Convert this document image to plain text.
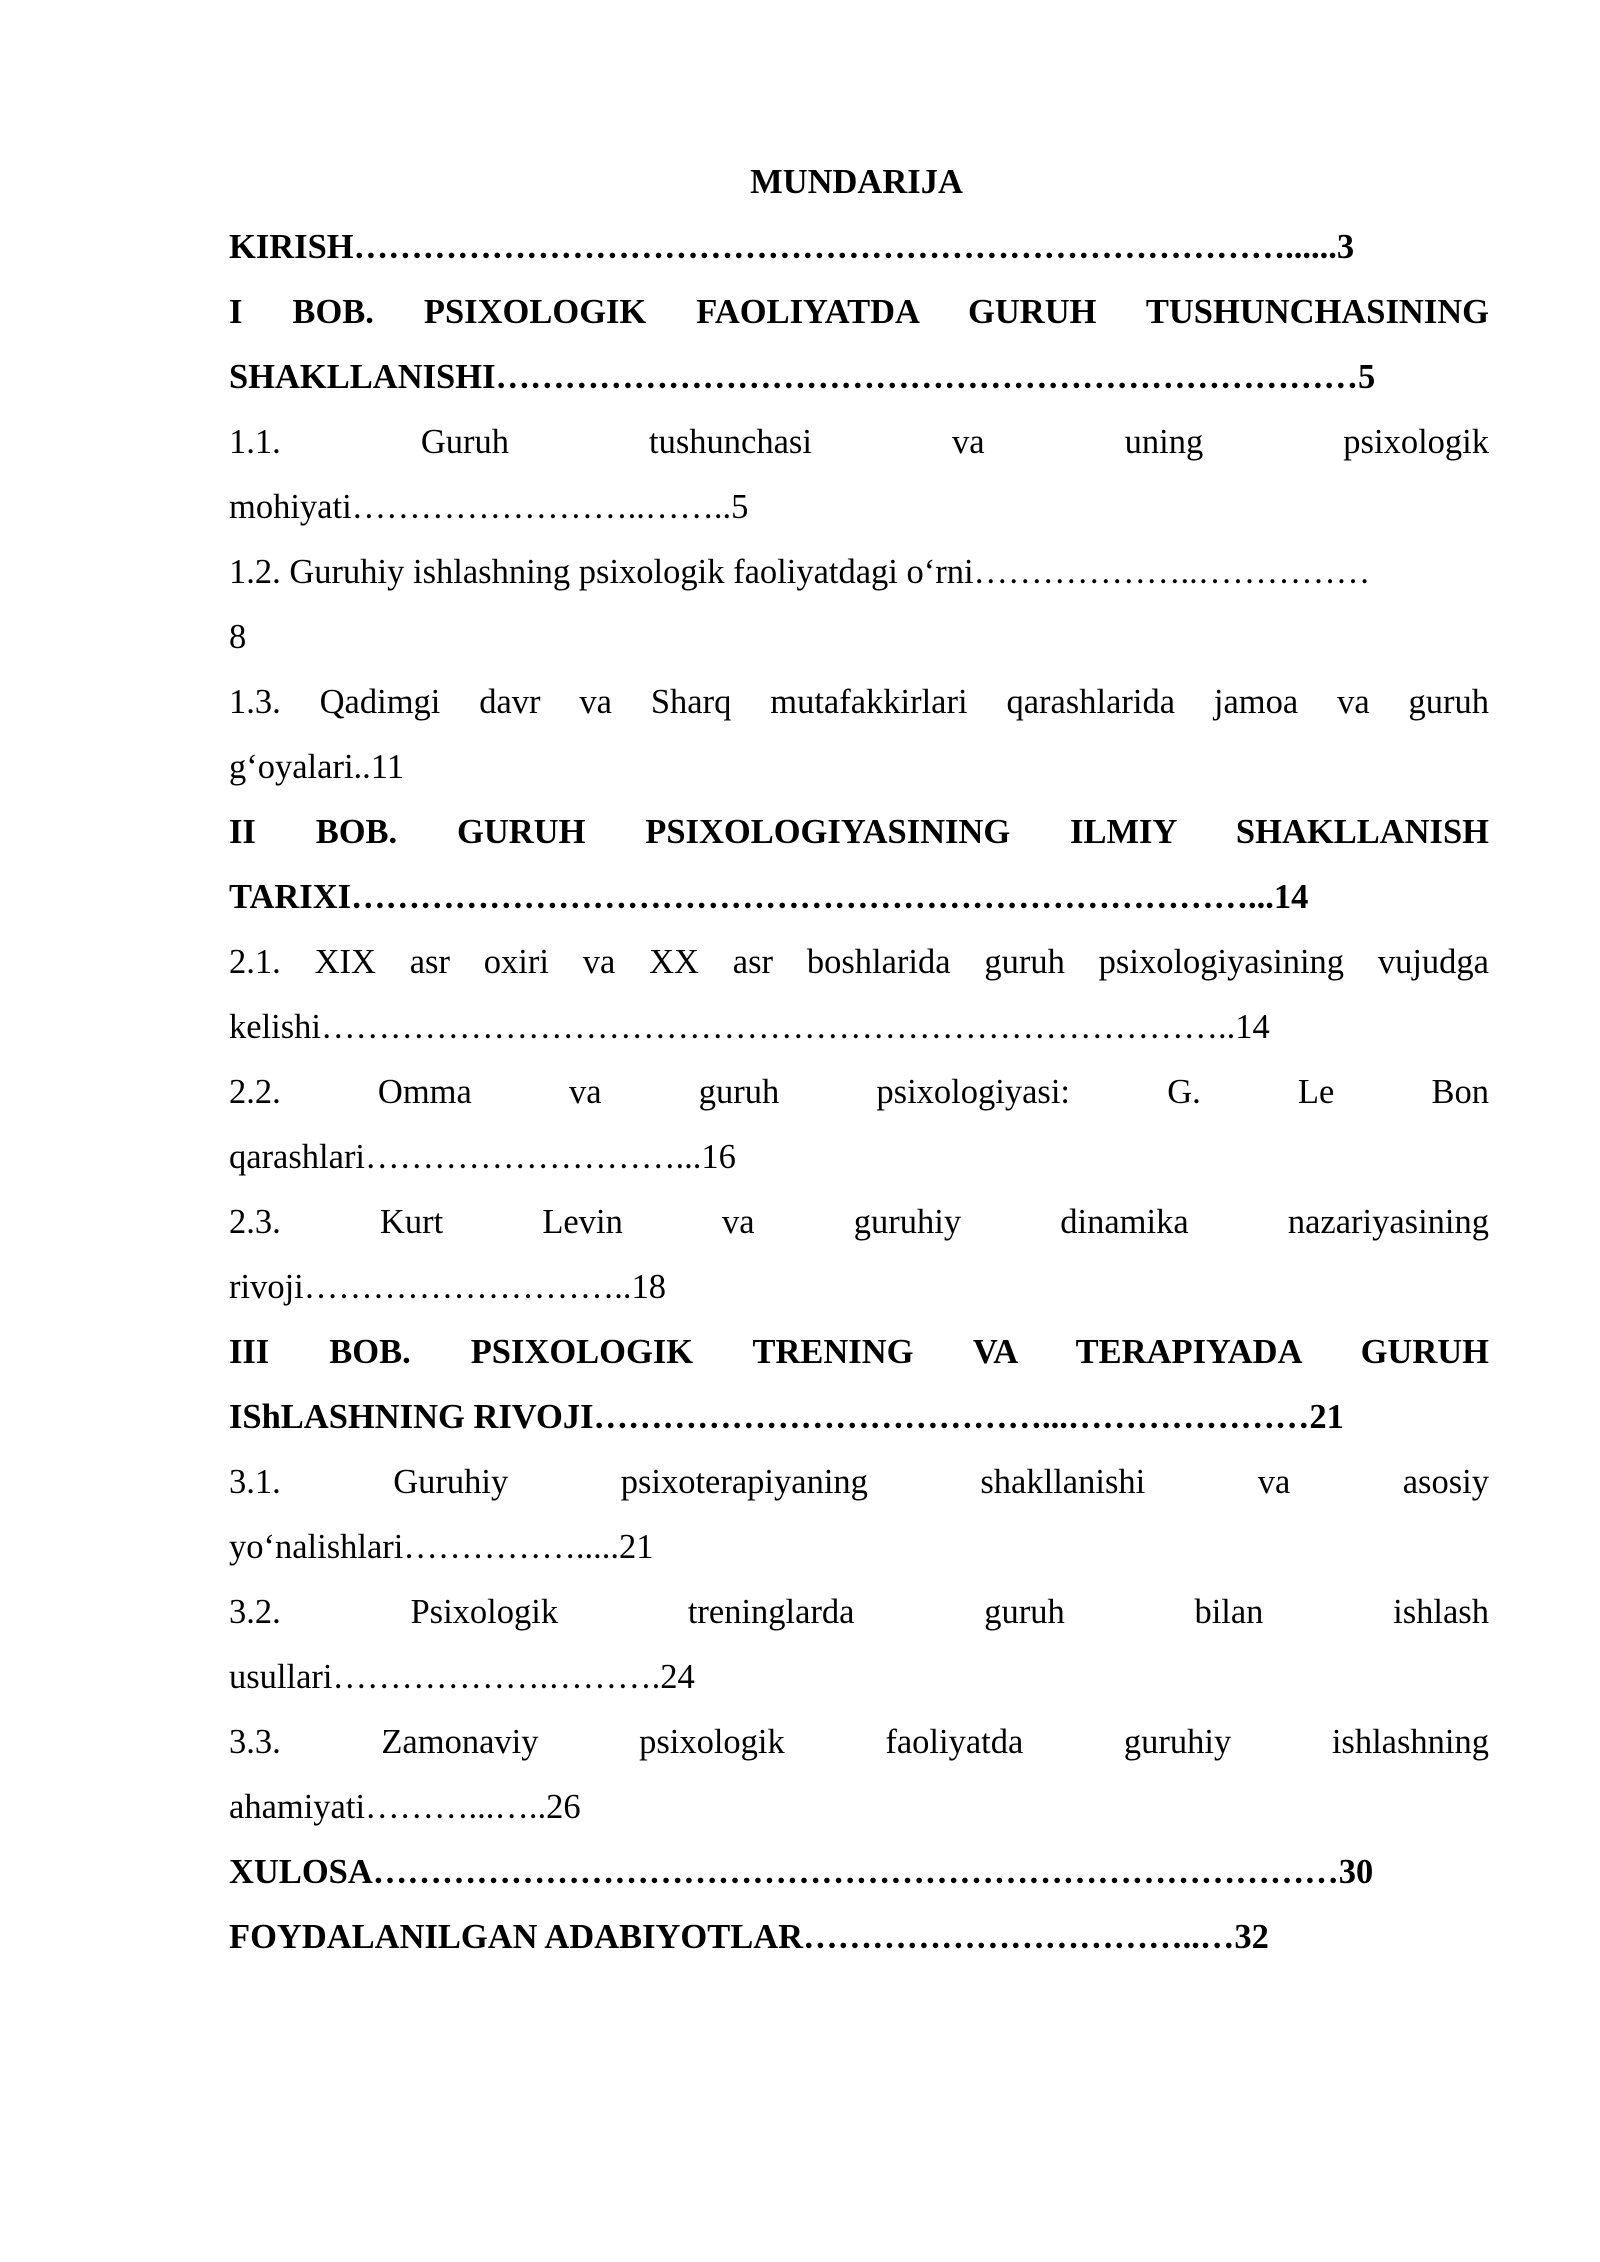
MUNDARIJA
KIRISH………………………………………………………………………......3
I BOB. PSIXOLOGIK FAOLIYATDA GURUH TUSHUNCHASINING
SHAKLLANISHI…………………………………………………………………5
1.1. Guruh tushunchasi va uning psixologik
mohiyati……………………..……..5
1.2. Guruhiy ishlashning psixologik faoliyatdagi o‘rni………………..……………
8
1.3. Qadimgi davr va Sharq mutafakkirlari qarashlarida jamoa va guruh
g‘oyalari..11
II BOB. GURUH PSIXOLOGIYASINING ILMIY SHAKLLANISH
TARIXI……………………………………………………………………...14
2.1. XIX asr oxiri va XX asr boshlarida guruh psixologiyasining vujudga
kelishi……………………………………………………………………..14
2.2. Omma va guruh psixologiyasi: G. Le Bon
qarashlari………………………...16
2.3. Kurt Levin va guruhiy dinamika nazariyasining
rivoji………………………..18
III BOB. PSIXOLOGIK TRENING VA TERAPIYADA GURUH
IShLASHNING RIVOJI…………………………………...…………………21
3.1. Guruhiy psixoterapiyaning shakllanishi va asosiy
yo‘nalishlari…………….....21
3.2. Psixologik treninglarda guruh bilan ishlash
usullari……………….……….24
3.3. Zamonaviy psixologik faoliyatda guruhiy ishlashning
ahamiyati………...…..26
XULOSA…………………………………………………………………………30
FOYDALANILGAN ADABIYOTLAR……………………………..…32
